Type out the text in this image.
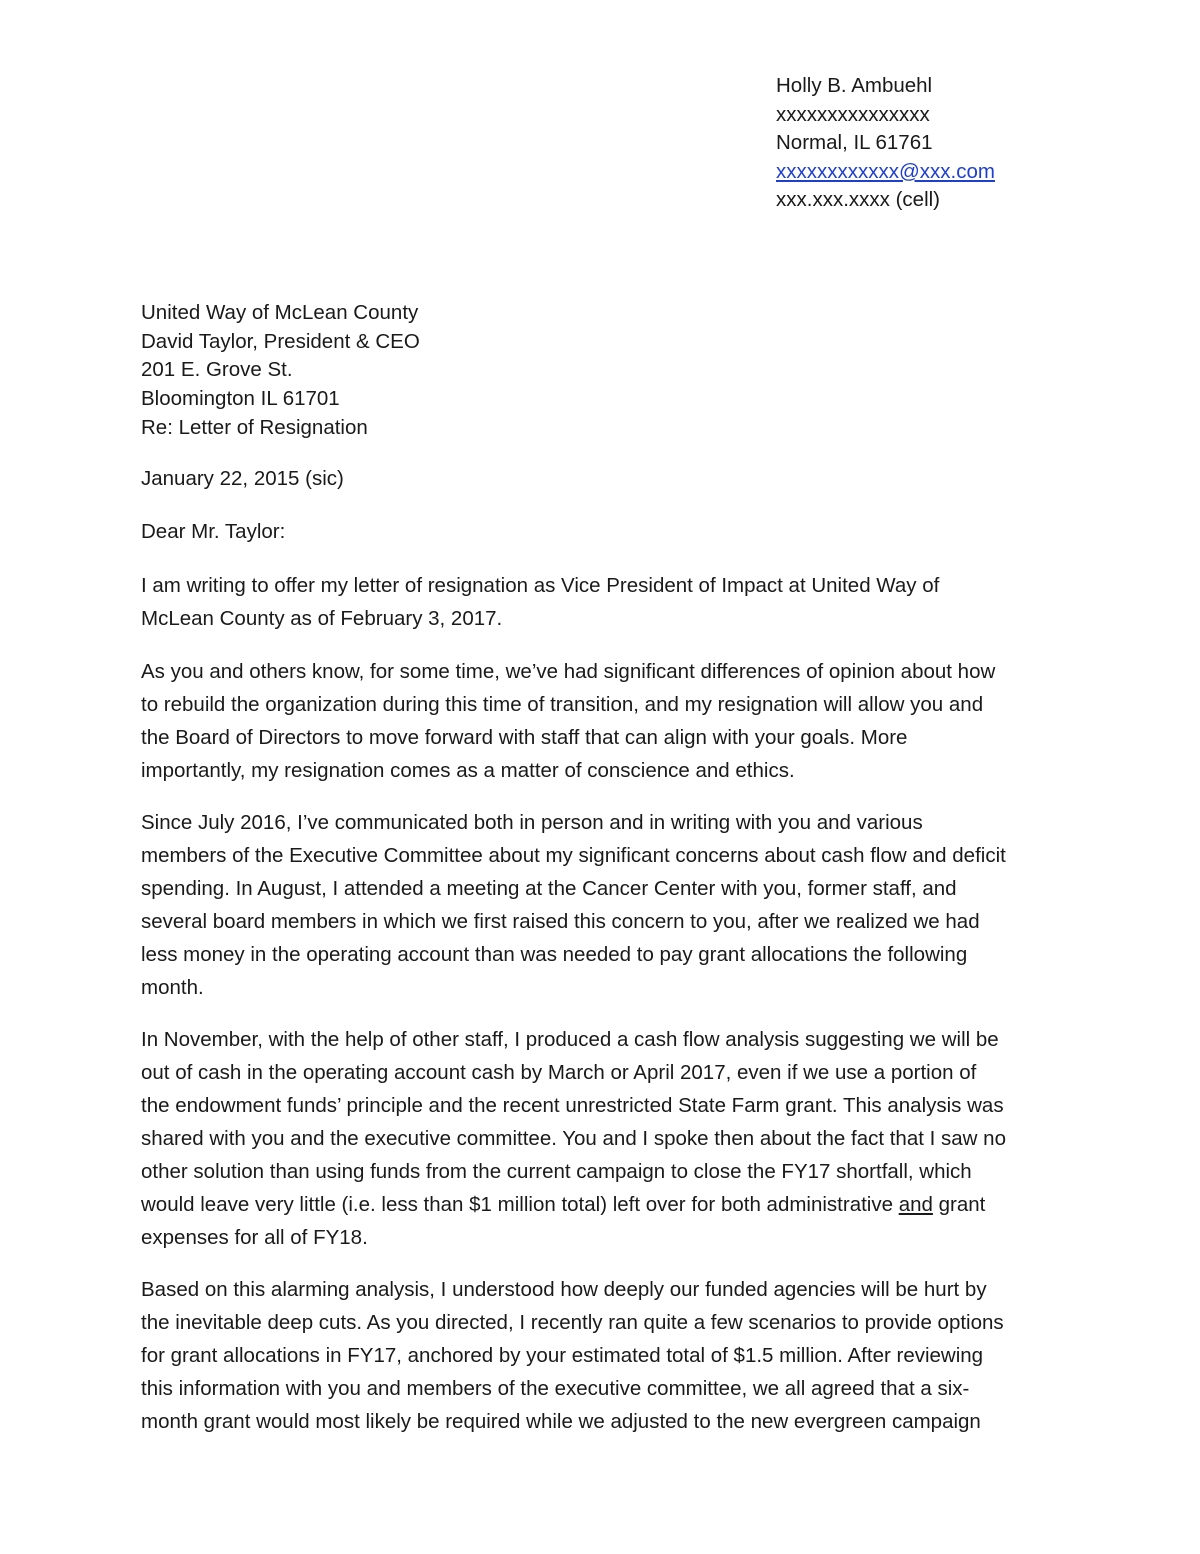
Holly B. Ambuehl
xxxxxxxxxxxxxxx
Normal, IL 61761
xxxxxxxxxxxx@xxx.com
xxx.xxx.xxxx (cell)
United Way of McLean County
David Taylor, President & CEO
201 E. Grove St.
Bloomington IL 61701
Re: Letter of Resignation
January 22, 2015 (sic)
Dear Mr. Taylor:
I am writing to offer my letter of resignation as Vice President of Impact at United Way of
McLean County as of February 3, 2017.
As you and others know, for some time, we’ve had significant differences of opinion about how
to rebuild the organization during this time of transition, and my resignation will allow you and
the Board of Directors to move forward with staff that can align with your goals. More
importantly, my resignation comes as a matter of conscience and ethics.
Since July 2016, I’ve communicated both in person and in writing with you and various
members of the Executive Committee about my significant concerns about cash flow and deficit
spending. In August, I attended a meeting at the Cancer Center with you, former staff, and
several board members in which we first raised this concern to you, after we realized we had
less money in the operating account than was needed to pay grant allocations the following
month.
In November, with the help of other staff, I produced a cash flow analysis suggesting we will be
out of cash in the operating account cash by March or April 2017, even if we use a portion of
the endowment funds’ principle and the recent unrestricted State Farm grant. This analysis was
shared with you and the executive committee. You and I spoke then about the fact that I saw no
other solution than using funds from the current campaign to close the FY17 shortfall, which
would leave very little (i.e. less than $1 million total) left over for both administrative and grant
expenses for all of FY18.
Based on this alarming analysis, I understood how deeply our funded agencies will be hurt by
the inevitable deep cuts. As you directed, I recently ran quite a few scenarios to provide options
for grant allocations in FY17, anchored by your estimated total of $1.5 million. After reviewing
this information with you and members of the executive committee, we all agreed that a six-
month grant would most likely be required while we adjusted to the new evergreen campaign
